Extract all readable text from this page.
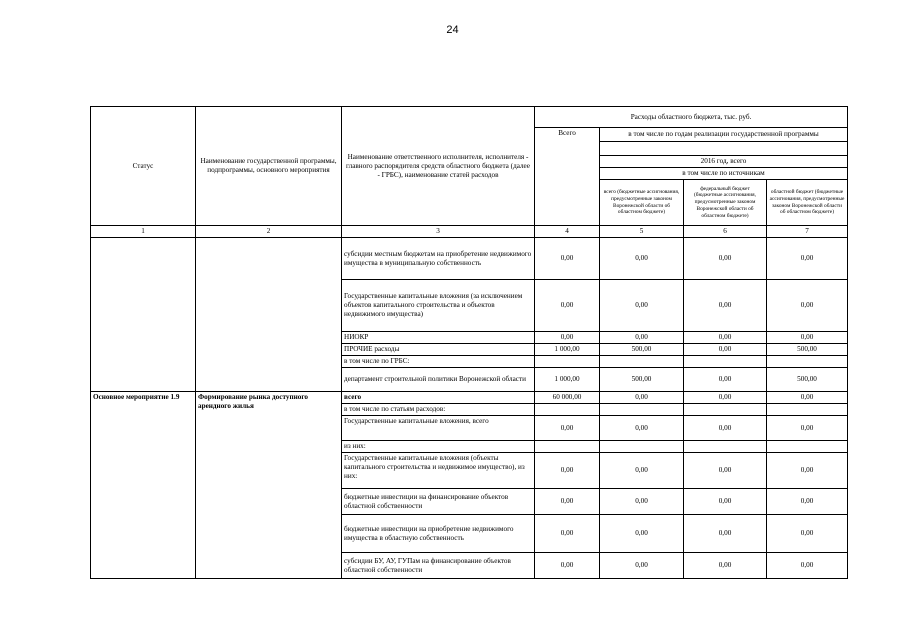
24
Статус	Наименование государственной программы, подпрограммы, основного мероприятия	Наименование ответственного исполнителя, исполнителя - главного распорядителя средств областного бюджета (далее - ГРБС), наименование статей расходов	Расходы областного бюджета, тыс. руб.			
			Всего	в том числе по годам реализации государственной программы		

				2016 год, всего		
				в том числе по источникам		
				всего (бюджетные ассигнования, предусмотренные законом Воронежской области об областном бюджете)	федеральный бюджет (бюджетные ассигнования, предусмотренные законом Воронежской области об областном бюджете)	областной бюджет (бюджетные ассигнования, предусмотренные законом Воронежской области об областном бюджете)
1	2	3	4	5	6	7
		субсидии местным бюджетам на приобретение недвижимого имущества в муниципальную собственность	0,00	0,00	0,00	0,00
		Государственные капитальные вложения (за исключением объектов капитального строительства и объектов недвижимого имущества)	0,00	0,00	0,00	0,00
		НИОКР	0,00	0,00	0,00	0,00
		ПРОЧИЕ расходы	1 000,00	500,00	0,00	500,00
		в том числе по ГРБС:				
		департамент строительной политики Воронежской области	1 000,00	500,00	0,00	500,00
Основное мероприятие 1.9	Формирование рынка доступного арендного жилья	всего	60 000,00	0,00	0,00	0,00
		в том числе по статьям расходов:				
		Государственные капитальные вложения, всего	0,00	0,00	0,00	0,00
		из них:				
		Государственные капитальные вложения (объекты капитального строительства и недвижимое имущество), из них:	0,00	0,00	0,00	0,00
		бюджетные инвестиции на финансирование объектов областной собственности	0,00	0,00	0,00	0,00
		бюджетные инвестиции на приобретение недвижимого имущества в областную собственность	0,00	0,00	0,00	0,00
		субсидии БУ, АУ, ГУПам на финансирование объектов областной собственности	0,00	0,00	0,00	0,00
